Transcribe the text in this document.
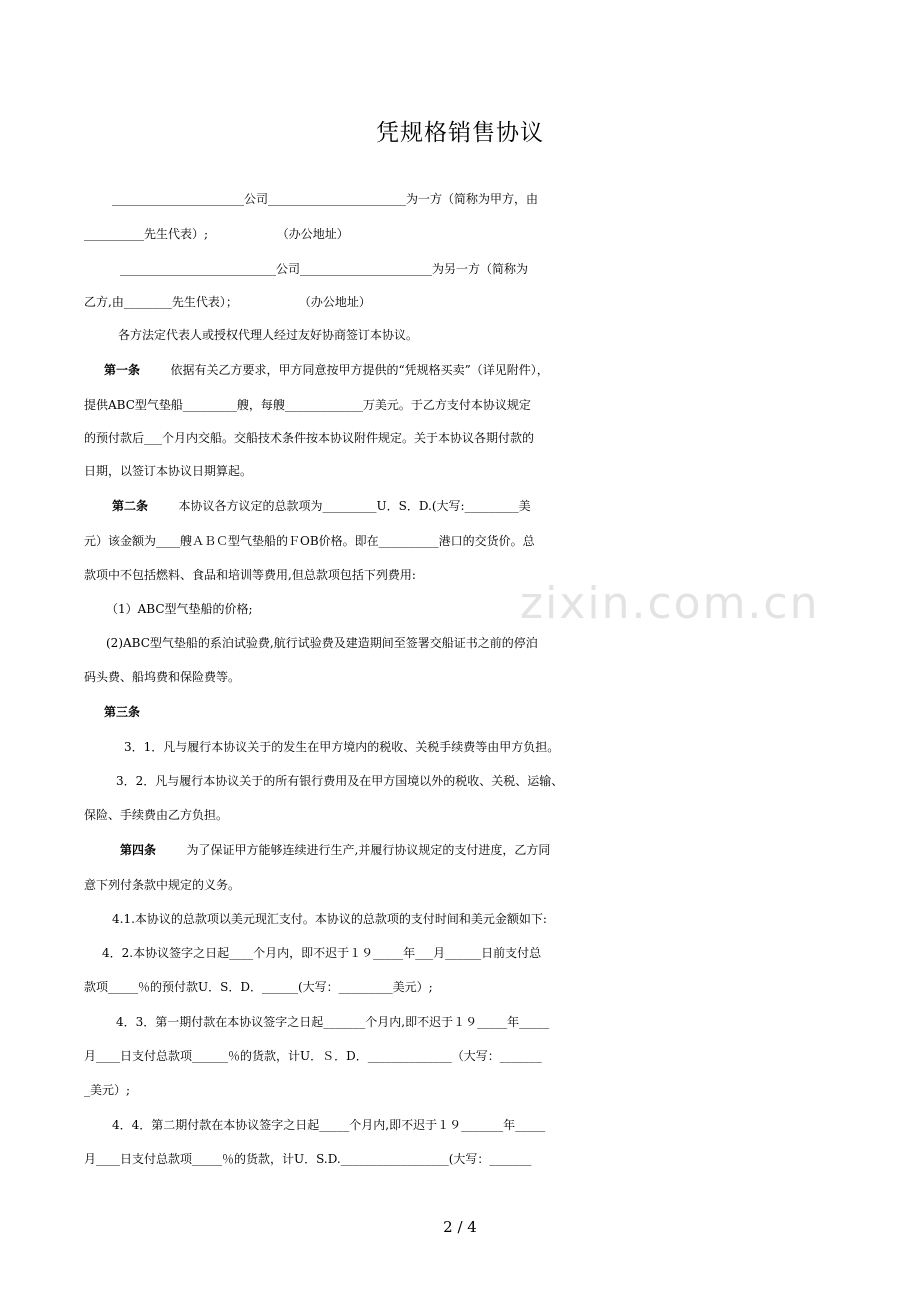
凭规格销售协议
______________________公司_______________________为一方（简称为甲方，由
__________先生代表）;                  （办公地址）
__________________________公司______________________为另一方（简称为
乙方,由________先生代表）；                （办公地址）
各方法定代表人或授权代理人经过友好协商签订本协议。
第一条        依据有关乙方要求，甲方同意按甲方提供的“凭规格买卖”（详见附件），
提供ABC型气垫船_________艘，每艘_____________万美元。于乙方支付本协议规定
的预付款后___个月内交船。交船技术条件按本协议附件规定。关于本协议各期付款的
日期，以签订本协议日期算起。
第二条        本协议各方议定的总款项为_________U．S．D.(大写:_________美
元）该金额为____艘ＡＢＣ型气垫船的ＦOB价格。即在__________港口的交货价。总
款项中不包括燃料、食品和培训等费用,但总款项包括下列费用:
（1）ABC型气垫船的价格;
(2)ABC型气垫船的系泊试验费,航行试验费及建造期间至签署交船证书之前的停泊
码头费、船坞费和保险费等。
第三条
3．1．凡与履行本协议关于的发生在甲方境内的税收、关税手续费等由甲方负担。
3．2．凡与履行本协议关于的所有银行费用及在甲方国境以外的税收、关税、运输、
保险、手续费由乙方负担。
第四条        为了保证甲方能够连续进行生产,并履行协议规定的支付进度，乙方同
意下列付条款中规定的义务。
4.1.本协议的总款项以美元现汇支付。本协议的总款项的支付时间和美元金额如下:
4．2.本协议签字之日起____个月内，即不迟于１９_____年___月______日前支付总
款项_____％的预付款U．S．D．______(大写：_________美元）;
4．3．第一期付款在本协议签字之日起_______个月内,即不迟于１９_____年_____
月____日支付总款项______％的货款，计U．Ｓ．D．______________（大写：_______
_美元）;
4．4．第二期付款在本协议签字之日起_____个月内,即不迟于１９_______年_____
月____日支付总款项_____％的货款，计U．S.D.__________________(大写：_______
zixin.com.cn
2 / 4
